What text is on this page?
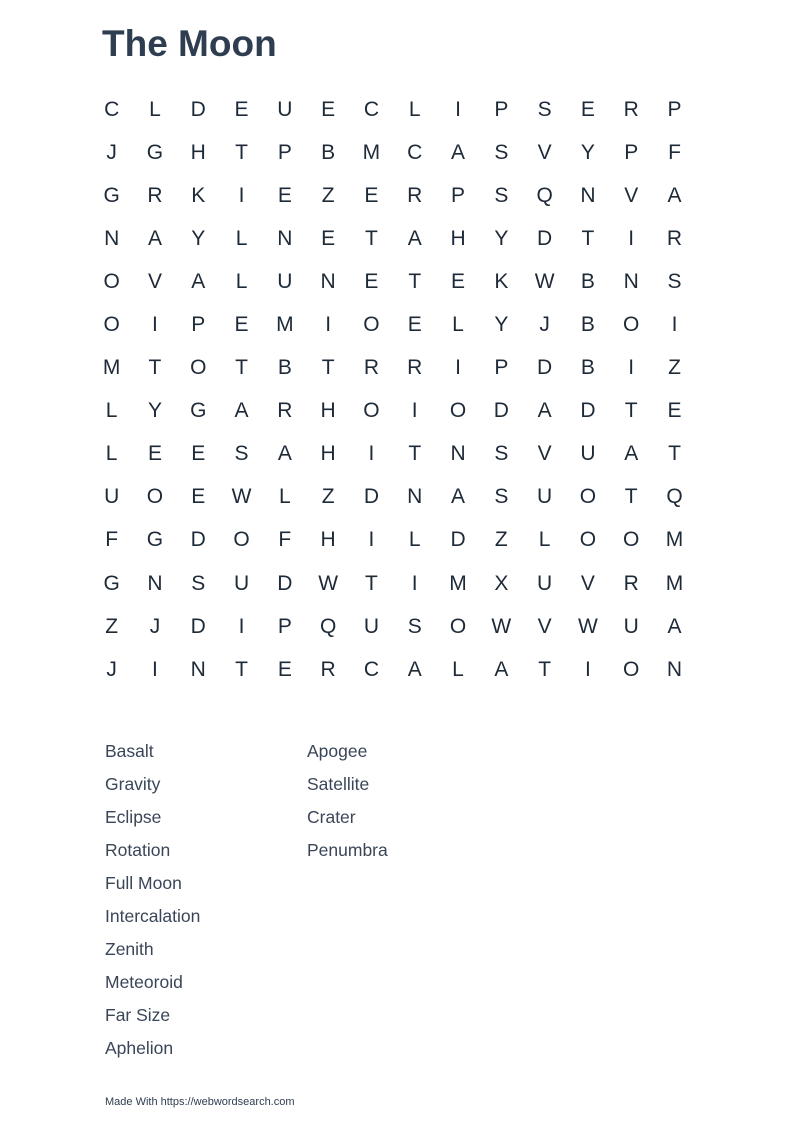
The Moon
C	L	D	E	U	E	C	L	I	P	S	E	R	P
J	G	H	T	P	B	M	C	A	S	V	Y	P	F
G	R	K	I	E	Z	E	R	P	S	Q	N	V	A
N	A	Y	L	N	E	T	A	H	Y	D	T	I	R
O	V	A	L	U	N	E	T	E	K	W	B	N	S
O	I	P	E	M	I	O	E	L	Y	J	B	O	I
M	T	O	T	B	T	R	R	I	P	D	B	I	Z
L	Y	G	A	R	H	O	I	O	D	A	D	T	E
L	E	E	S	A	H	I	T	N	S	V	U	A	T
U	O	E	W	L	Z	D	N	A	S	U	O	T	Q
F	G	D	O	F	H	I	L	D	Z	L	O	O	M
G	N	S	U	D	W	T	I	M	X	U	V	R	M
Z	J	D	I	P	Q	U	S	O	W	V	W	U	A
J	I	N	T	E	R	C	A	L	A	T	I	O	N
Basalt
Gravity
Eclipse
Rotation
Full Moon
Intercalation
Zenith
Meteoroid
Far Size
Aphelion
Apogee
Satellite
Crater
Penumbra
Made With https://webwordsearch.com
